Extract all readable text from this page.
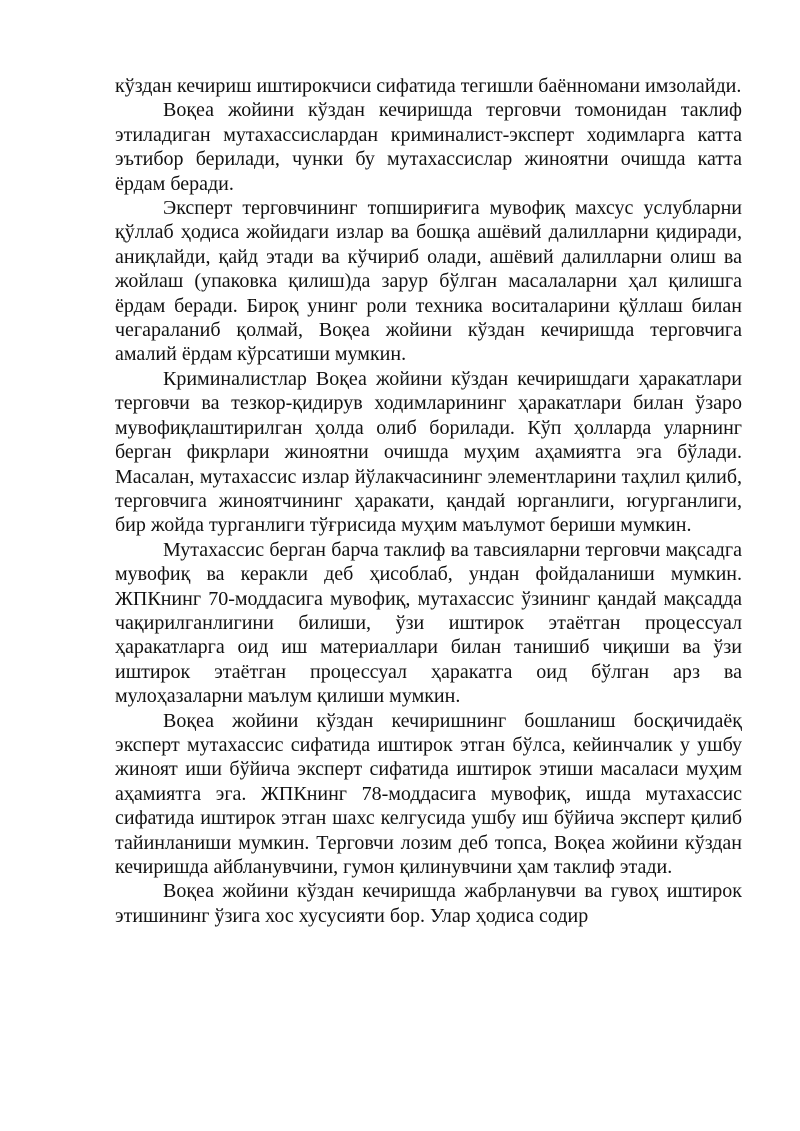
кўздан кечириш иштирокчиси сифатида тегишли баённомани имзолайди.

Воқеа жойини кўздан кечиришда терговчи томонидан таклиф этиладиган мутахассислардан криминалист-эксперт ходимларга катта эътибор берилади, чунки бу мутахассислар жиноятни очишда катта ёрдам беради.

Эксперт терговчининг топшириғига мувофиқ махсус услубларни қўллаб ҳодиса жойидаги излар ва бошқа ашёвий далилларни қидиради, аниқлайди, қайд этади ва кўчириб олади, ашёвий далилларни олиш ва жойлаш (упаковка қилиш)да зарур бўлган масалаларни ҳал қилишга ёрдам беради. Бироқ унинг роли техника воситаларини қўллаш билан чегараланиб қолмай, Воқеа жойини кўздан кечиришда терговчига амалий ёрдам кўрсатиши мумкин.

Криминалистлар Воқеа жойини кўздан кечиришдаги ҳаракатлари терговчи ва тезкор-қидирув ходимларининг ҳаракатлари билан ўзаро мувофиқлаштирилган ҳолда олиб борилади. Кўп ҳолларда уларнинг берган фикрлари жиноятни очишда муҳим аҳамиятга эга бўлади. Масалан, мутахассис излар йўлакчасининг элементларини таҳлил қилиб, терговчига жиноятчининг ҳаракати, қандай юрганлиги, югурганлиги, бир жойда турганлиги тўғрисида муҳим маълумот бериши мумкин.

Мутахассис берган барча таклиф ва тавсияларни терговчи мақсадга мувофиқ ва керакли деб ҳисоблаб, ундан фойдаланиши мумкин. ЖПКнинг 70-моддасига мувофиқ, мутахассис ўзининг қандай мақсадда чақирилганлигини билиши, ўзи иштирок этаётган процессуал ҳаракатларга оид иш материаллари билан танишиб чиқиши ва ўзи иштирок этаётган процессуал ҳаракатга оид бўлган арз ва мулоҳазаларни маълум қилиши мумкин.

Воқеа жойини кўздан кечиришнинг бошланиш босқичидаёқ эксперт мутахассис сифатида иштирок этган бўлса, кейинчалик у ушбу жиноят иши бўйича эксперт сифатида иштирок этиши масаласи муҳим аҳамиятга эга. ЖПКнинг 78-моддасига мувофиқ, ишда мутахассис сифатида иштирок этган шахс келгусида ушбу иш бўйича эксперт қилиб тайинланиши мумкин. Терговчи лозим деб топса, Воқеа жойини кўздан кечиришда айбланувчини, гумон қилинувчини ҳам таклиф этади.

Воқеа жойини кўздан кечиришда жабрланувчи ва гувоҳ иштирок этишининг ўзига хос хусусияти бор. Улар ҳодиса содир
